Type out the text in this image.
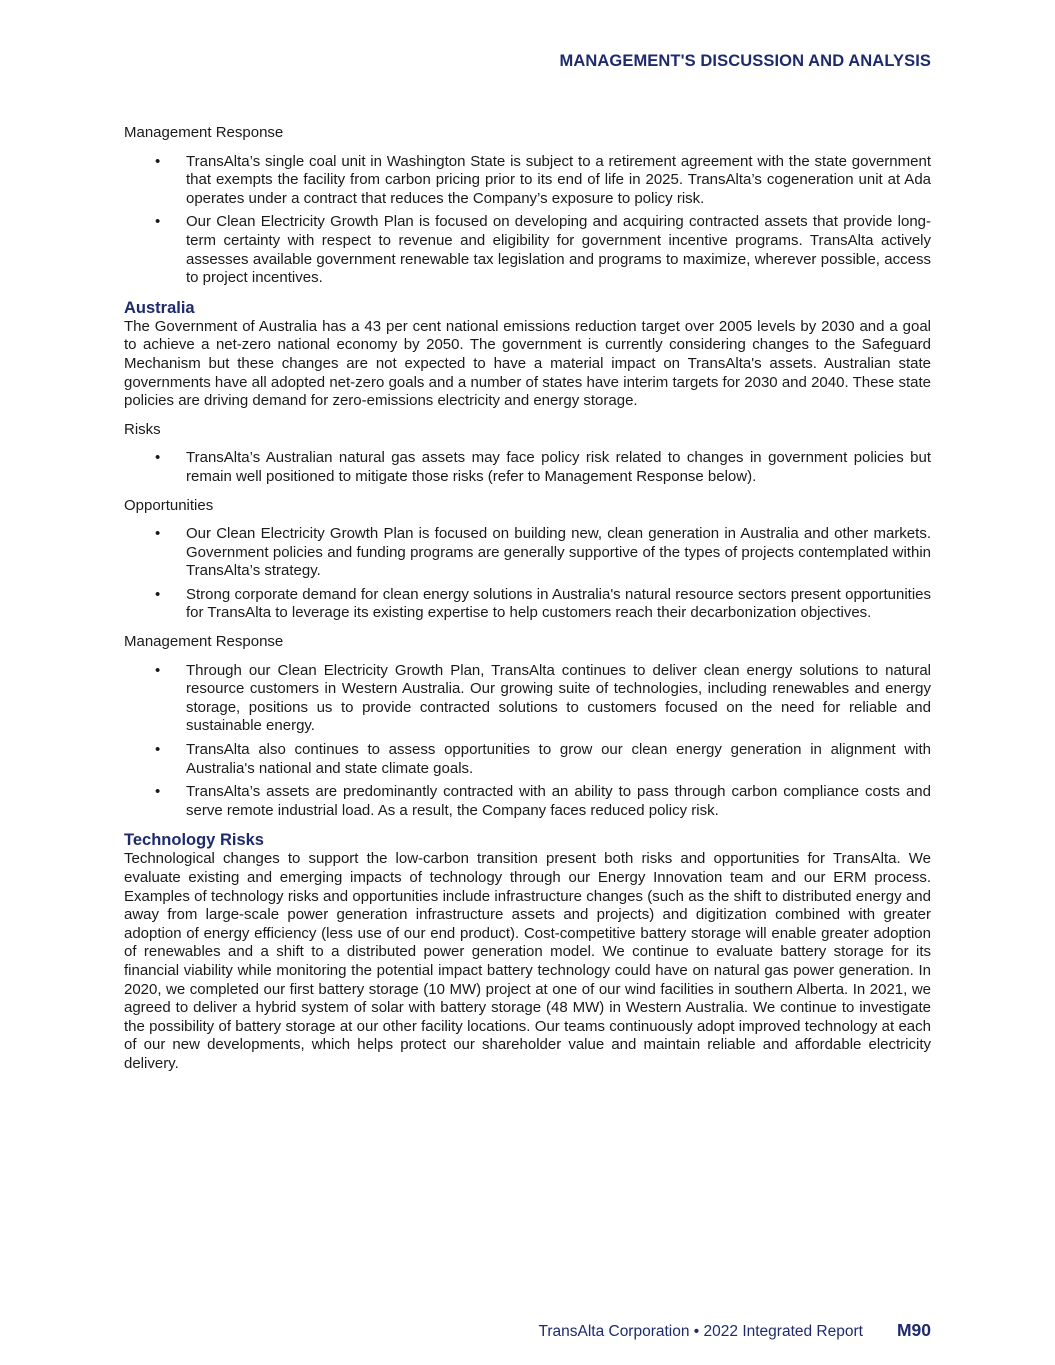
MANAGEMENT'S DISCUSSION AND ANALYSIS

Management Response

• TransAlta’s single coal unit in Washington State is subject to a retirement agreement with the state government that exempts the facility from carbon pricing prior to its end of life in 2025. TransAlta’s cogeneration unit at Ada operates under a contract that reduces the Company’s exposure to policy risk.
• Our Clean Electricity Growth Plan is focused on developing and acquiring contracted assets that provide long-term certainty with respect to revenue and eligibility for government incentive programs. TransAlta actively assesses available government renewable tax legislation and programs to maximize, wherever possible, access to project incentives.
Australia

The Government of Australia has a 43 per cent national emissions reduction target over 2005 levels by 2030 and a goal to achieve a net-zero national economy by 2050. The government is currently considering changes to the Safeguard Mechanism but these changes are not expected to have a material impact on TransAlta's assets. Australian state governments have all adopted net-zero goals and a number of states have interim targets for 2030 and 2040. These state policies are driving demand for zero-emissions electricity and energy storage.

Risks

• TransAlta’s Australian natural gas assets may face policy risk related to changes in government policies but remain well positioned to mitigate those risks (refer to Management Response below).

Opportunities

• Our Clean Electricity Growth Plan is focused on building new, clean generation in Australia and other markets. Government policies and funding programs are generally supportive of the types of projects contemplated within TransAlta’s strategy.
• Strong corporate demand for clean energy solutions in Australia's natural resource sectors present opportunities for TransAlta to leverage its existing expertise to help customers reach their decarbonization objectives.

Management Response

• Through our Clean Electricity Growth Plan, TransAlta continues to deliver clean energy solutions to natural resource customers in Western Australia. Our growing suite of technologies, including renewables and energy storage, positions us to provide contracted solutions to customers focused on the need for reliable and sustainable energy.
• TransAlta also continues to assess opportunities to grow our clean energy generation in alignment with Australia's national and state climate goals.
• TransAlta’s assets are predominantly contracted with an ability to pass through carbon compliance costs and serve remote industrial load. As a result, the Company faces reduced policy risk.
Technology Risks

Technological changes to support the low-carbon transition present both risks and opportunities for TransAlta. We evaluate existing and emerging impacts of technology through our Energy Innovation team and our ERM process. Examples of technology risks and opportunities include infrastructure changes (such as the shift to distributed energy and away from large-scale power generation infrastructure assets and projects) and digitization combined with greater adoption of energy efficiency (less use of our end product). Cost-competitive battery storage will enable greater adoption of renewables and a shift to a distributed power generation model. We continue to evaluate battery storage for its financial viability while monitoring the potential impact battery technology could have on natural gas power generation. In 2020, we completed our first battery storage (10 MW) project at one of our wind facilities in southern Alberta. In 2021, we agreed to deliver a hybrid system of solar with battery storage (48 MW) in Western Australia. We continue to investigate the possibility of battery storage at our other facility locations. Our teams continuously adopt improved technology at each of our new developments, which helps protect our shareholder value and maintain reliable and affordable electricity delivery.

TransAlta Corporation • 2022 Integrated Report M90
